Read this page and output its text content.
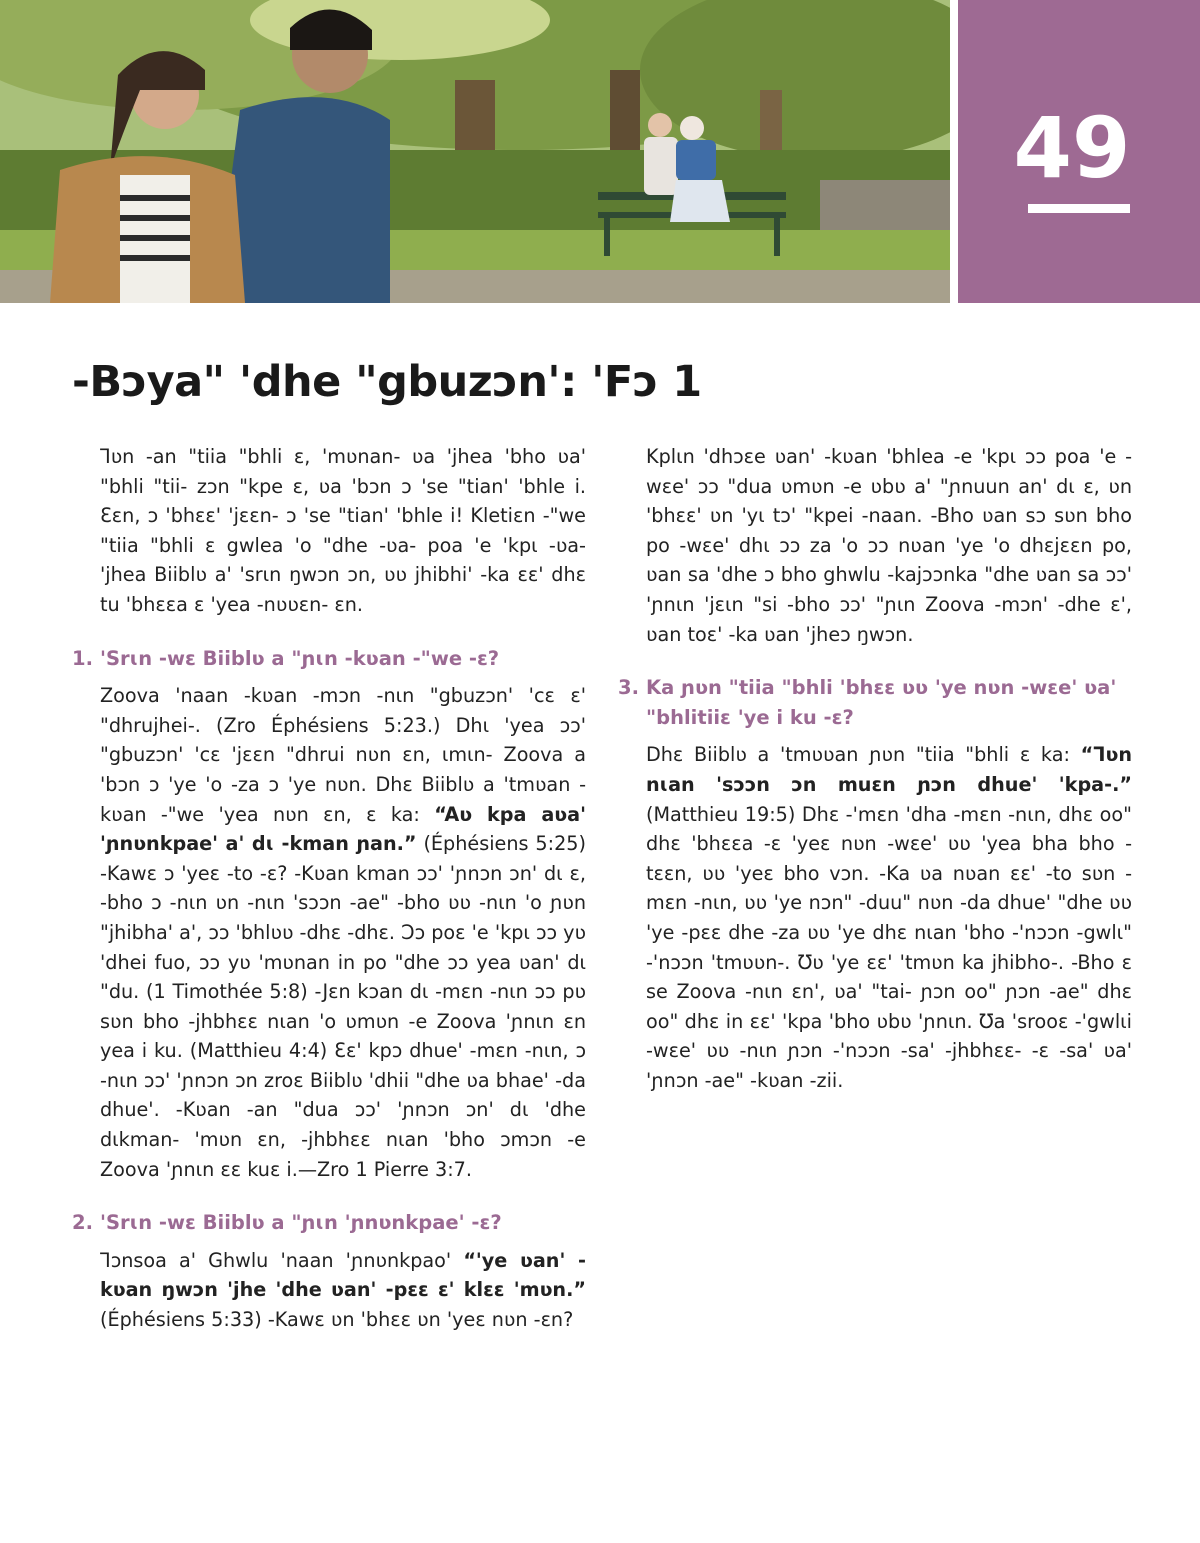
49
-Bɔya" 'dhe "gbuzɔn': 'Fɔ 1

Ꞁʋn -an "tiia "bhli ɛ, 'mʋnan- ʋa 'jhea 'bho ʋa' "bhli "tii- zɔn "kpe ɛ, ʋa 'bɔn ɔ 'se "tian' 'bhle i. Ɛɛn, ɔ 'bhɛɛ' 'jɛɛn- ɔ 'se "tian' 'bhle i! Kletiɛn -"we "tiia "bhli ɛ gwlea 'o "dhe -ʋa- poa 'e 'kpɩ -ʋa- 'jhea Biiblʋ a' 'srɩn ŋwɔn ɔn, ʋʋ jhibhi' -ka ɛɛ' dhɛ tu 'bhɛɛa ɛ 'yea -nʋʋɛn- ɛn.

1. 'Srɩn -wɛ Biiblʋ a "ɲɩn -kʋan -"we -ɛ?

Zoova 'naan -kʋan -mɔn -nɩn "gbuzɔn' 'cɛ ɛ' "dhrujhei-. (Zro Éphésiens 5:23.) Dhɩ 'yea ɔɔ' "gbuzɔn' 'cɛ 'jɛɛn "dhrui nʋn ɛn, ɩmɩn- Zoova a 'bɔn ɔ 'ye 'o -za ɔ 'ye nʋn. Dhɛ Biiblʋ a 'tmʋan -kʋan -"we 'yea nʋn ɛn, ɛ ka: “Aʋ kpa aʋa' 'ɲnʋnkpae' a' dɩ -kman ɲan.” (Éphésiens 5:25) -Kawɛ ɔ 'yeɛ -to -ɛ? -Kʋan kman ɔɔ' 'ɲnɔn ɔn' dɩ ɛ, -bho ɔ -nɩn ʋn -nɩn 'sɔɔn -ae" -bho ʋʋ -nɩn 'o ɲʋn "jhibha' a', ɔɔ 'bhlʋʋ -dhɛ -dhɛ. Ɔɔ poɛ 'e 'kpɩ ɔɔ yʋ 'dhei fuo, ɔɔ yʋ 'mʋnan in po "dhe ɔɔ yea ʋan' dɩ "du. (1 Timothée 5:8) -Jɛn kɔan dɩ -mɛn -nɩn ɔɔ pʋ sʋn bho -jhbhɛɛ nɩan 'o ʋmʋn -e Zoova 'ɲnɩn ɛn yea i ku. (Matthieu 4:4) Ɛɛ' kpɔ dhue' -mɛn -nɩn, ɔ -nɩn ɔɔ' 'ɲnɔn ɔn zroɛ Biiblʋ 'dhii "dhe ʋa bhae' -da dhue'. -Kʋan -an "dua ɔɔ' 'ɲnɔn ɔn' dɩ 'dhe dɩkman- 'mʋn ɛn, -jhbhɛɛ nɩan 'bho ɔmɔn -e Zoova 'ɲnɩn ɛɛ kuɛ i.—Zro 1 Pierre 3:7.

2. 'Srɩn -wɛ Biiblʋ a "ɲɩn 'ɲnʋnkpae' -ɛ?

Ꞁɔnsoa a' Ghwlu 'naan 'ɲnʋnkpao' “'ye ʋan' -kʋan ŋwɔn 'jhe 'dhe ʋan' -pɛɛ ɛ' klɛɛ 'mʋn.” (Éphésiens 5:33) -Kawɛ ʋn 'bhɛɛ ʋn 'yeɛ nʋn -ɛn?

Kplɩn 'dhɔɛe ʋan' -kʋan 'bhlea -e 'kpɩ ɔɔ poa 'e -wɛe' ɔɔ "dua ʋmʋn -e ʋbʋ a' "ɲnuun an' dɩ ɛ, ʋn 'bhɛɛ' ʋn 'yɩ tɔ' "kpei -naan. -Bho ʋan sɔ sʋn bho po -wɛe' dhɩ ɔɔ za 'o ɔɔ nʋan 'ye 'o dhɛjɛɛn po, ʋan sa 'dhe ɔ bho ghwlu -kajɔɔnka "dhe ʋan sa ɔɔ' 'ɲnɩn 'jɛɩn "si -bho ɔɔ' "ɲɩn Zoova -mɔn' -dhe ɛ', ʋan toɛ' -ka ʋan 'jheɔ ŋwɔn.

3. Ka ɲʋn "tiia "bhli 'bhɛɛ ʋʋ 'ye nʋn -wɛe' ʋa' "bhlitiiɛ 'ye i ku -ɛ?

Dhɛ Biiblʋ a 'tmʋʋan ɲʋn "tiia "bhli ɛ ka: “Ꞁʋn nɩan 'sɔɔn ɔn muɛn ɲɔn dhue' 'kpa-.” (Matthieu 19:5) Dhɛ -'mɛn 'dha -mɛn -nɩn, dhɛ oo" dhɛ 'bhɛɛa -ɛ 'yeɛ nʋn -wɛe' ʋʋ 'yea bha bho -tɛɛn, ʋʋ 'yeɛ bho vɔn. -Ka ʋa nʋan ɛɛ' -to sʋn -mɛn -nɩn, ʋʋ 'ye nɔn" -duu" nʋn -da dhue' "dhe ʋʋ 'ye -pɛɛ dhe -za ʋʋ 'ye dhɛ nɩan 'bho -'nɔɔn -gwlɩ" -'nɔɔn 'tmʋʋn-. Ʊʋ 'ye ɛɛ' 'tmʋn ka jhibho-. -Bho ɛ se Zoova -nɩn ɛn', ʋa' "tai- ɲɔn oo" ɲɔn -ae" dhɛ oo" dhɛ in ɛɛ' 'kpa 'bho ʋbʋ 'ɲnɩn. Ʊa 'srooɛ -'gwlɩi -wɛe' ʋʋ -nɩn ɲɔn -'nɔɔn -sa' -jhbhɛɛ- -ɛ -sa' ʋa' 'ɲnɔn -ae" -kʋan -zii.
